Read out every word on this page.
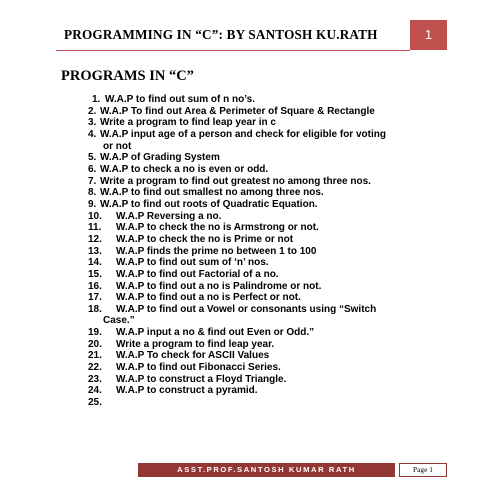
PROGRAMMING IN “C”: BY SANTOSH KU.RATH	1
PROGRAMS IN “C”
1. W.A.P to find out sum of n no’s.
2. W.A.P To find out Area & Perimeter of Square & Rectangle
3. Write a program to find leap year in c
4. W.A.P input age of a person and check for eligible for voting
or not
5. W.A.P of Grading System
6. W.A.P to check a no is even or odd.
7. Write a program to find out greatest no among three nos.
8. W.A.P to find out smallest no among three nos.
9. W.A.P to find out roots of Quadratic Equation.
10. W.A.P Reversing a no.
11. W.A.P to check the no is Armstrong or not.
12. W.A.P to check the no is Prime or not
13. W.A.P finds the prime no between 1 to 100
14. W.A.P to find out sum of ‘n’ nos.
15. W.A.P to find out Factorial of a no.
16. W.A.P to find out a no is Palindrome or not.
17. W.A.P to find out a no is Perfect or not.
18. W.A.P to find out a Vowel or consonants using “Switch
Case.”
19. W.A.P input a no & find out Even or Odd.”
20. Write a program to find leap year.
21. W.A.P To check for ASCII Values
22. W.A.P to find out Fibonacci Series.
23. W.A.P to construct a Floyd Triangle.
24. W.A.P to construct a pyramid.
25.
ASST.PROF.SANTOSH KUMAR RATH	Page 1
